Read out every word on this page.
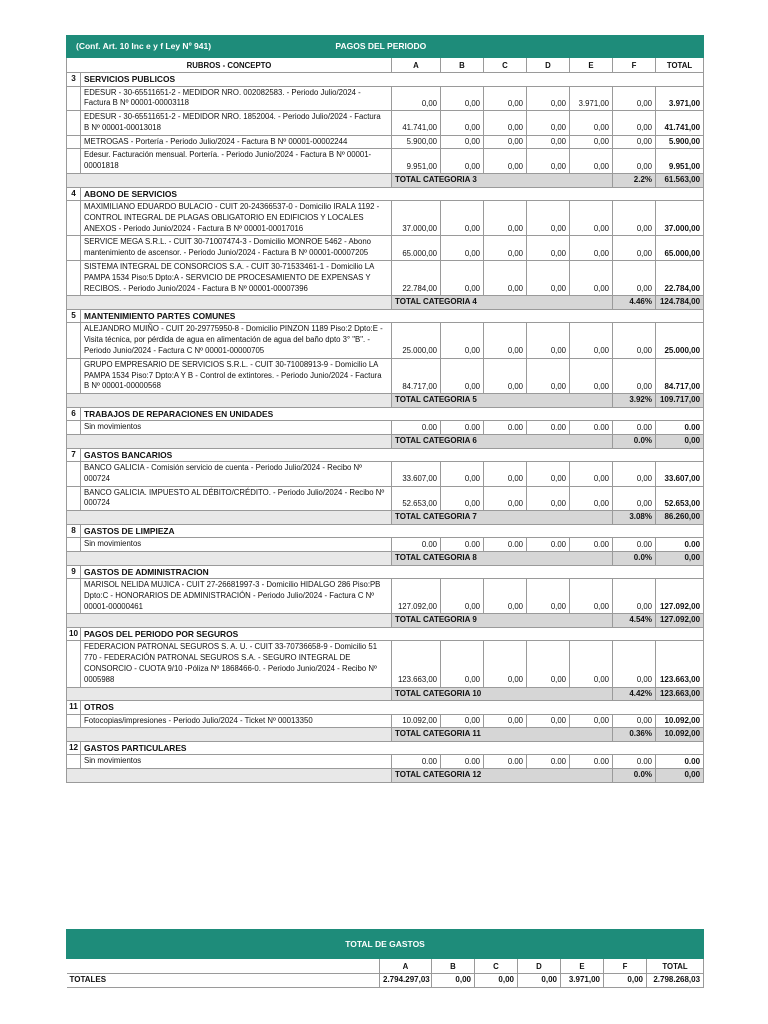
(Conf. Art. 10 Inc e y f Ley Nº 941) PAGOS DEL PERIODO								
RUBROS - CONCEPTO		A	B	C	D	E	F	TOTAL
3	SERVICIOS PUBLICOS							
	EDESUR - 30-65511651-2 - MEDIDOR NRO. 002082583. - Periodo Julio/2024 - Factura B Nº 00001-00003118	0,00	0,00	0,00	0,00	3.971,00	0,00	3.971,00
	EDESUR - 30-65511651-2 - MEDIDOR NRO. 1852004. - Periodo Julio/2024 - Factura B Nº 00001-00013018	41.741,00	0,00	0,00	0,00	0,00	0,00	41.741,00
	METROGAS - Portería - Periodo Julio/2024 - Factura B Nº 00001-00002244	5.900,00	0,00	0,00	0,00	0,00	0,00	5.900,00
	Edesur. Facturación mensual. Portería. - Periodo Junio/2024 - Factura B Nº 00001-00001818	9.951,00	0,00	0,00	0,00	0,00	0,00	9.951,00
		TOTAL CATEGORIA 3					2.2%	61.563,00
4	ABONO DE SERVICIOS							
	MAXIMILIANO EDUARDO BULACIO - CUIT 20-24366537-0 - Domicilio IRALA 1192 - CONTROL INTEGRAL DE PLAGAS OBLIGATORIO EN EDIFICIOS Y LOCALES ANEXOS - Periodo Junio/2024 - Factura B Nº 00001-00017016	37.000,00	0,00	0,00	0,00	0,00	0,00	37.000,00
	SERVICE MEGA S.R.L. - CUIT 30-71007474-3 - Domicilio MONROE 5462 - Abono mantenimiento de ascensor. - Periodo Junio/2024 - Factura B Nº 00001-00007205	65.000,00	0,00	0,00	0,00	0,00	0,00	65.000,00
	SISTEMA INTEGRAL DE CONSORCIOS S.A. - CUIT 30-71533461-1 - Domicilio LA PAMPA 1534 Piso:5 Dpto:A - SERVICIO DE PROCESAMIENTO DE EXPENSAS Y RECIBOS. - Periodo Junio/2024 - Factura B Nº 00001-00007396	22.784,00	0,00	0,00	0,00	0,00	0,00	22.784,00
		TOTAL CATEGORIA 4					4.46%	124.784,00
5	MANTENIMIENTO PARTES COMUNES							
	ALEJANDRO MUIÑO - CUIT 20-29775950-8 - Domicilio PINZON 1189 Piso:2 Dpto:E - Visita técnica, por pérdida de agua en alimentación de agua del baño dpto 3° "B". - Periodo Junio/2024 - Factura C Nº 00001-00000705	25.000,00	0,00	0,00	0,00	0,00	0,00	25.000,00
	GRUPO EMPRESARIO DE SERVICIOS S.R.L. - CUIT 30-71008913-9 - Domicilio LA PAMPA 1534 Piso:7 Dpto:A Y B - Control de extintores. - Periodo Junio/2024 - Factura B Nº 00001-00000568	84.717,00	0,00	0,00	0,00	0,00	0,00	84.717,00
		TOTAL CATEGORIA 5					3.92%	109.717,00
6	TRABAJOS DE REPARACIONES EN UNIDADES							
	Sin movimientos	0.00	0.00	0.00	0.00	0.00	0.00	0.00
		TOTAL CATEGORIA 6					0.0%	0,00
7	GASTOS BANCARIOS							
	BANCO GALICIA - Comisión servicio de cuenta - Periodo Julio/2024 - Recibo Nº 000724	33.607,00	0,00	0,00	0,00	0,00	0,00	33.607,00
	BANCO GALICIA. IMPUESTO AL DÉBITO/CRÉDITO. - Periodo Julio/2024 - Recibo Nº 000724	52.653,00	0,00	0,00	0,00	0,00	0,00	52.653,00
		TOTAL CATEGORIA 7					3.08%	86.260,00
8	GASTOS DE LIMPIEZA							
	Sin movimientos	0.00	0.00	0.00	0.00	0.00	0.00	0.00
		TOTAL CATEGORIA 8					0.0%	0,00
9	GASTOS DE ADMINISTRACION							
	MARISOL NELIDA MUJICA - CUIT 27-26681997-3 - Domicilio HIDALGO 286 Piso:PB Dpto:C - HONORARIOS DE ADMINISTRACIÓN - Periodo Julio/2024 - Factura C Nº 00001-00000461	127.092,00	0,00	0,00	0,00	0,00	0,00	127.092,00
		TOTAL CATEGORIA 9					4.54%	127.092,00
10	PAGOS DEL PERIODO POR SEGUROS							
	FEDERACION PATRONAL SEGUROS S. A. U. - CUIT 33-70736658-9 - Domicilio 51 770 - FEDERACIÓN PATRONAL SEGUROS S.A. - SEGURO INTEGRAL DE CONSORCIO - CUOTA 9/10 -Póliza Nº 1868466-0. - Periodo Junio/2024 - Recibo Nº 0005988	123.663,00	0,00	0,00	0,00	0,00	0,00	123.663,00
		TOTAL CATEGORIA 10					4.42%	123.663,00
11	OTROS							
	Fotocopias/impresiones - Periodo Julio/2024 - Ticket Nº 00013350	10.092,00	0,00	0,00	0,00	0,00	0,00	10.092,00
		TOTAL CATEGORIA 11					0.36%	10.092,00
12	GASTOS PARTICULARES							
	Sin movimientos	0.00	0.00	0.00	0.00	0.00	0.00	0.00
		TOTAL CATEGORIA 12					0.0%	0,00
TOTAL DE GASTOS							
	A	B	C	D	E	F	TOTAL
TOTALES	2.794.297,03	0,00	0,00	0,00	3.971,00	0,00	2.798.268,03
